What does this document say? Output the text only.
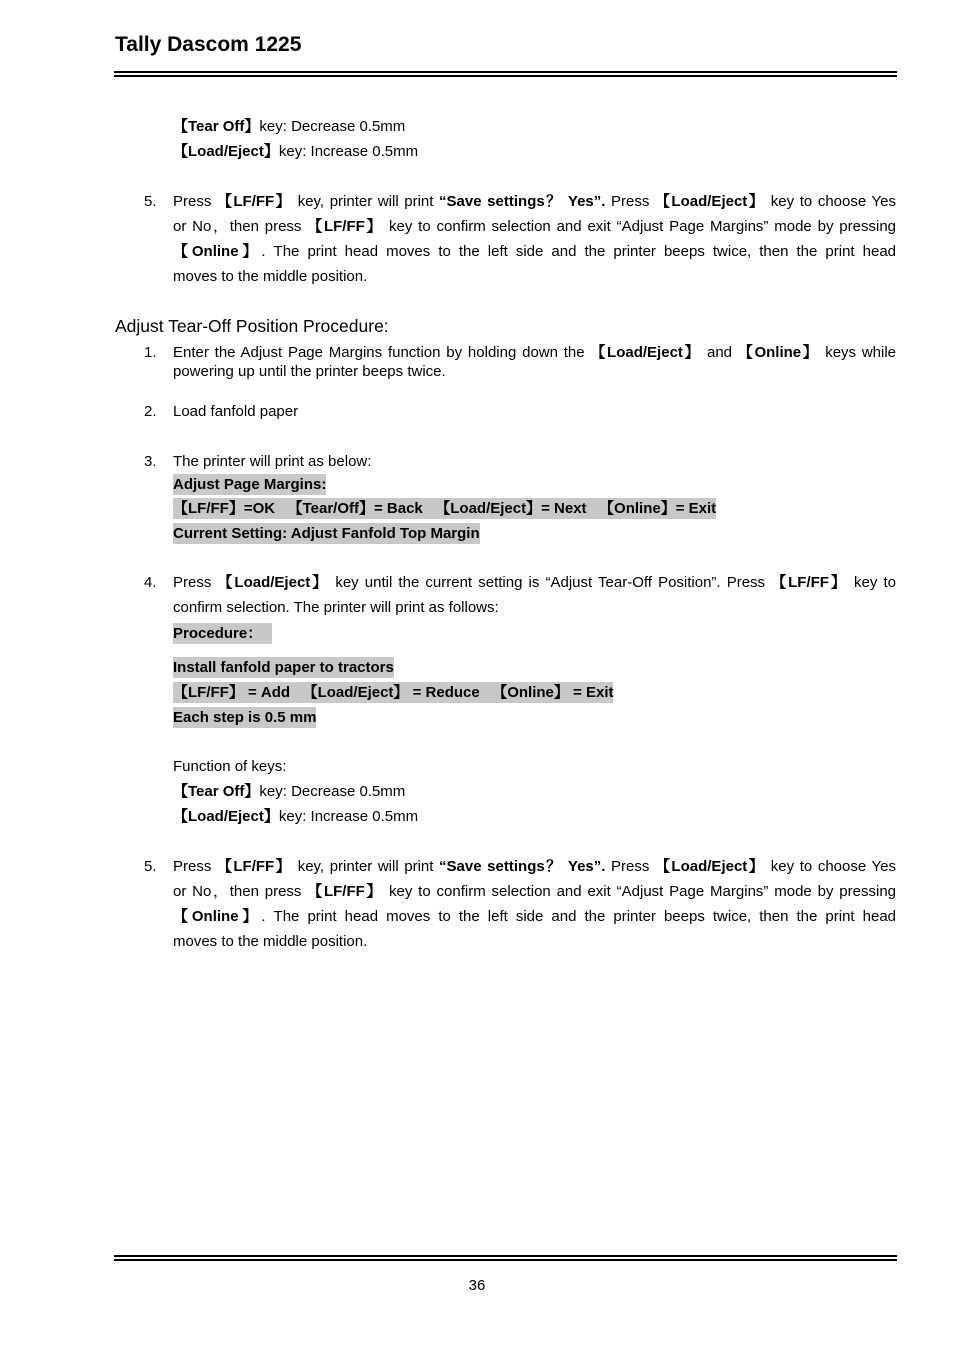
Tally Dascom 1225
【Tear Off】key: Decrease 0.5mm
【Load/Eject】key: Increase 0.5mm
5. Press 【LF/FF】 key, printer will print “Save settings？ Yes”. Press 【Load/Eject】 key to choose Yes
or No，then press 【LF/FF】 key to confirm selection and exit “Adjust Page Margins” mode by pressing
【Online】. The print head moves to the left side and the printer beeps twice, then the print head
moves to the middle position.
Adjust Tear-Off Position Procedure:
1. Enter the Adjust Page Margins function by holding down the 【Load/Eject】 and 【Online】 keys while
powering up until the printer beeps twice.
2. Load fanfold paper
3. The printer will print as below:
Adjust Page Margins:
【LF/FF】=OK   【Tear/Off】= Back   【Load/Eject】= Next   【Online】= Exit
Current Setting: Adjust Fanfold Top Margin
4. Press 【Load/Eject】 key until the current setting is “Adjust Tear-Off Position”. Press 【LF/FF】 key to
confirm selection. The printer will print as follows:
Procedure：
Install fanfold paper to tractors
【LF/FF】 = Add   【Load/Eject】 = Reduce   【Online】 = Exit
Each step is 0.5 mm
Function of keys:
【Tear Off】key: Decrease 0.5mm
【Load/Eject】key: Increase 0.5mm
5. Press 【LF/FF】 key, printer will print “Save settings？ Yes”. Press 【Load/Eject】 key to choose Yes
or No，then press 【LF/FF】 key to confirm selection and exit “Adjust Page Margins” mode by pressing
【Online】. The print head moves to the left side and the printer beeps twice, then the print head
moves to the middle position.
36
